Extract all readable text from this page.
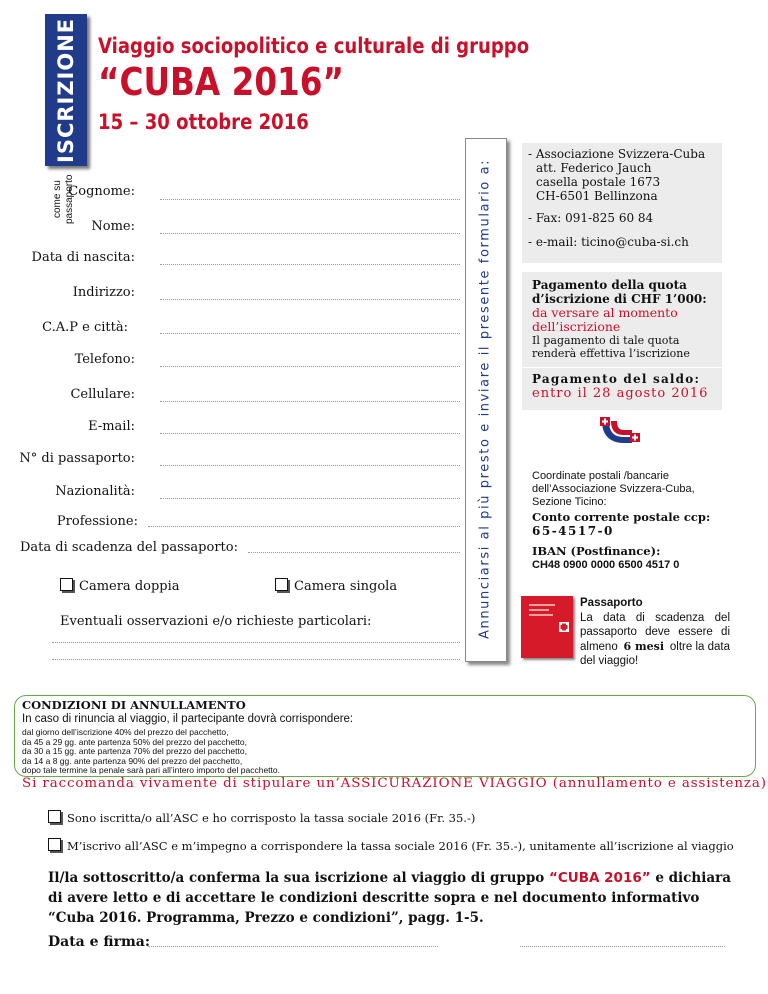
ISCRIZIONE
come su passaporto
Viaggio sociopolitico e culturale di gruppo
“CUBA 2016”
15 – 30 ottobre 2016
Cognome:
Nome:
Data di nascita:
Indirizzo:
C.A.P e città:
Telefono:
Cellulare:
E-mail:
N° di passaporto:
Nazionalità:
Professione:
Data di scadenza del passaporto:
Camera doppia	Camera singola
Eventuali osservazioni e/o richieste particolari:	Annunciarsi al più presto e inviare il presente formulario a:
- Associazione Svizzera-Cuba
att. Federico Jauch
casella postale 1673
CH-6501 Bellinzona
- Fax: 091-825 60 84
- e-mail: ticino@cuba-si.ch
Pagamento della quota
d’iscrizione di CHF 1’000:
da versare al momento
dell’iscrizione
Il pagamento di tale quota
renderà effettiva l’iscrizione
Pagamento del saldo:
entro il 28 agosto 2016
Coordinate postali /bancarie
dell’Associazione Svizzera-Cuba,
Sezione Ticino:
Conto corrente postale ccp:
65-4517-0
IBAN (Postfinance):
CH48 0900 0000 6500 4517 0
Passaporto
La data di scadenza del
passaporto deve essere di
almeno 6 mesi oltre la data
del viaggio!
CONDIZIONI DI ANNULLAMENTO
In caso di rinuncia al viaggio, il partecipante dovrà corrispondere:
dal giorno dell’iscrizione 40% del prezzo del pacchetto,
da 45 a 29 gg. ante partenza 50% del prezzo del pacchetto,
da 30 a 15 gg. ante partenza 70% del prezzo del pacchetto,
da 14 a 8 gg. ante partenza 90% del prezzo del pacchetto,
dopo tale termine la penale sarà pari all’intero importo del pacchetto.
Si raccomanda vivamente di stipulare un’ASSICURAZIONE VIAGGIO (annullamento e assistenza)
Sono iscritta/o all’ASC e ho corrisposto la tassa sociale 2016 (Fr. 35.-)
M’iscrivo all’ASC e m’impegno a corrispondere la tassa sociale 2016 (Fr. 35.-), unitamente all’iscrizione al viaggio
Il/la sottoscritto/a conferma la sua iscrizione al viaggio di gruppo “CUBA 2016” e dichiara di avere letto e di accettare le condizioni descritte sopra e nel documento informativo “Cuba 2016. Programma, Prezzo e condizioni”, pagg. 1-5.
Data e firma:
